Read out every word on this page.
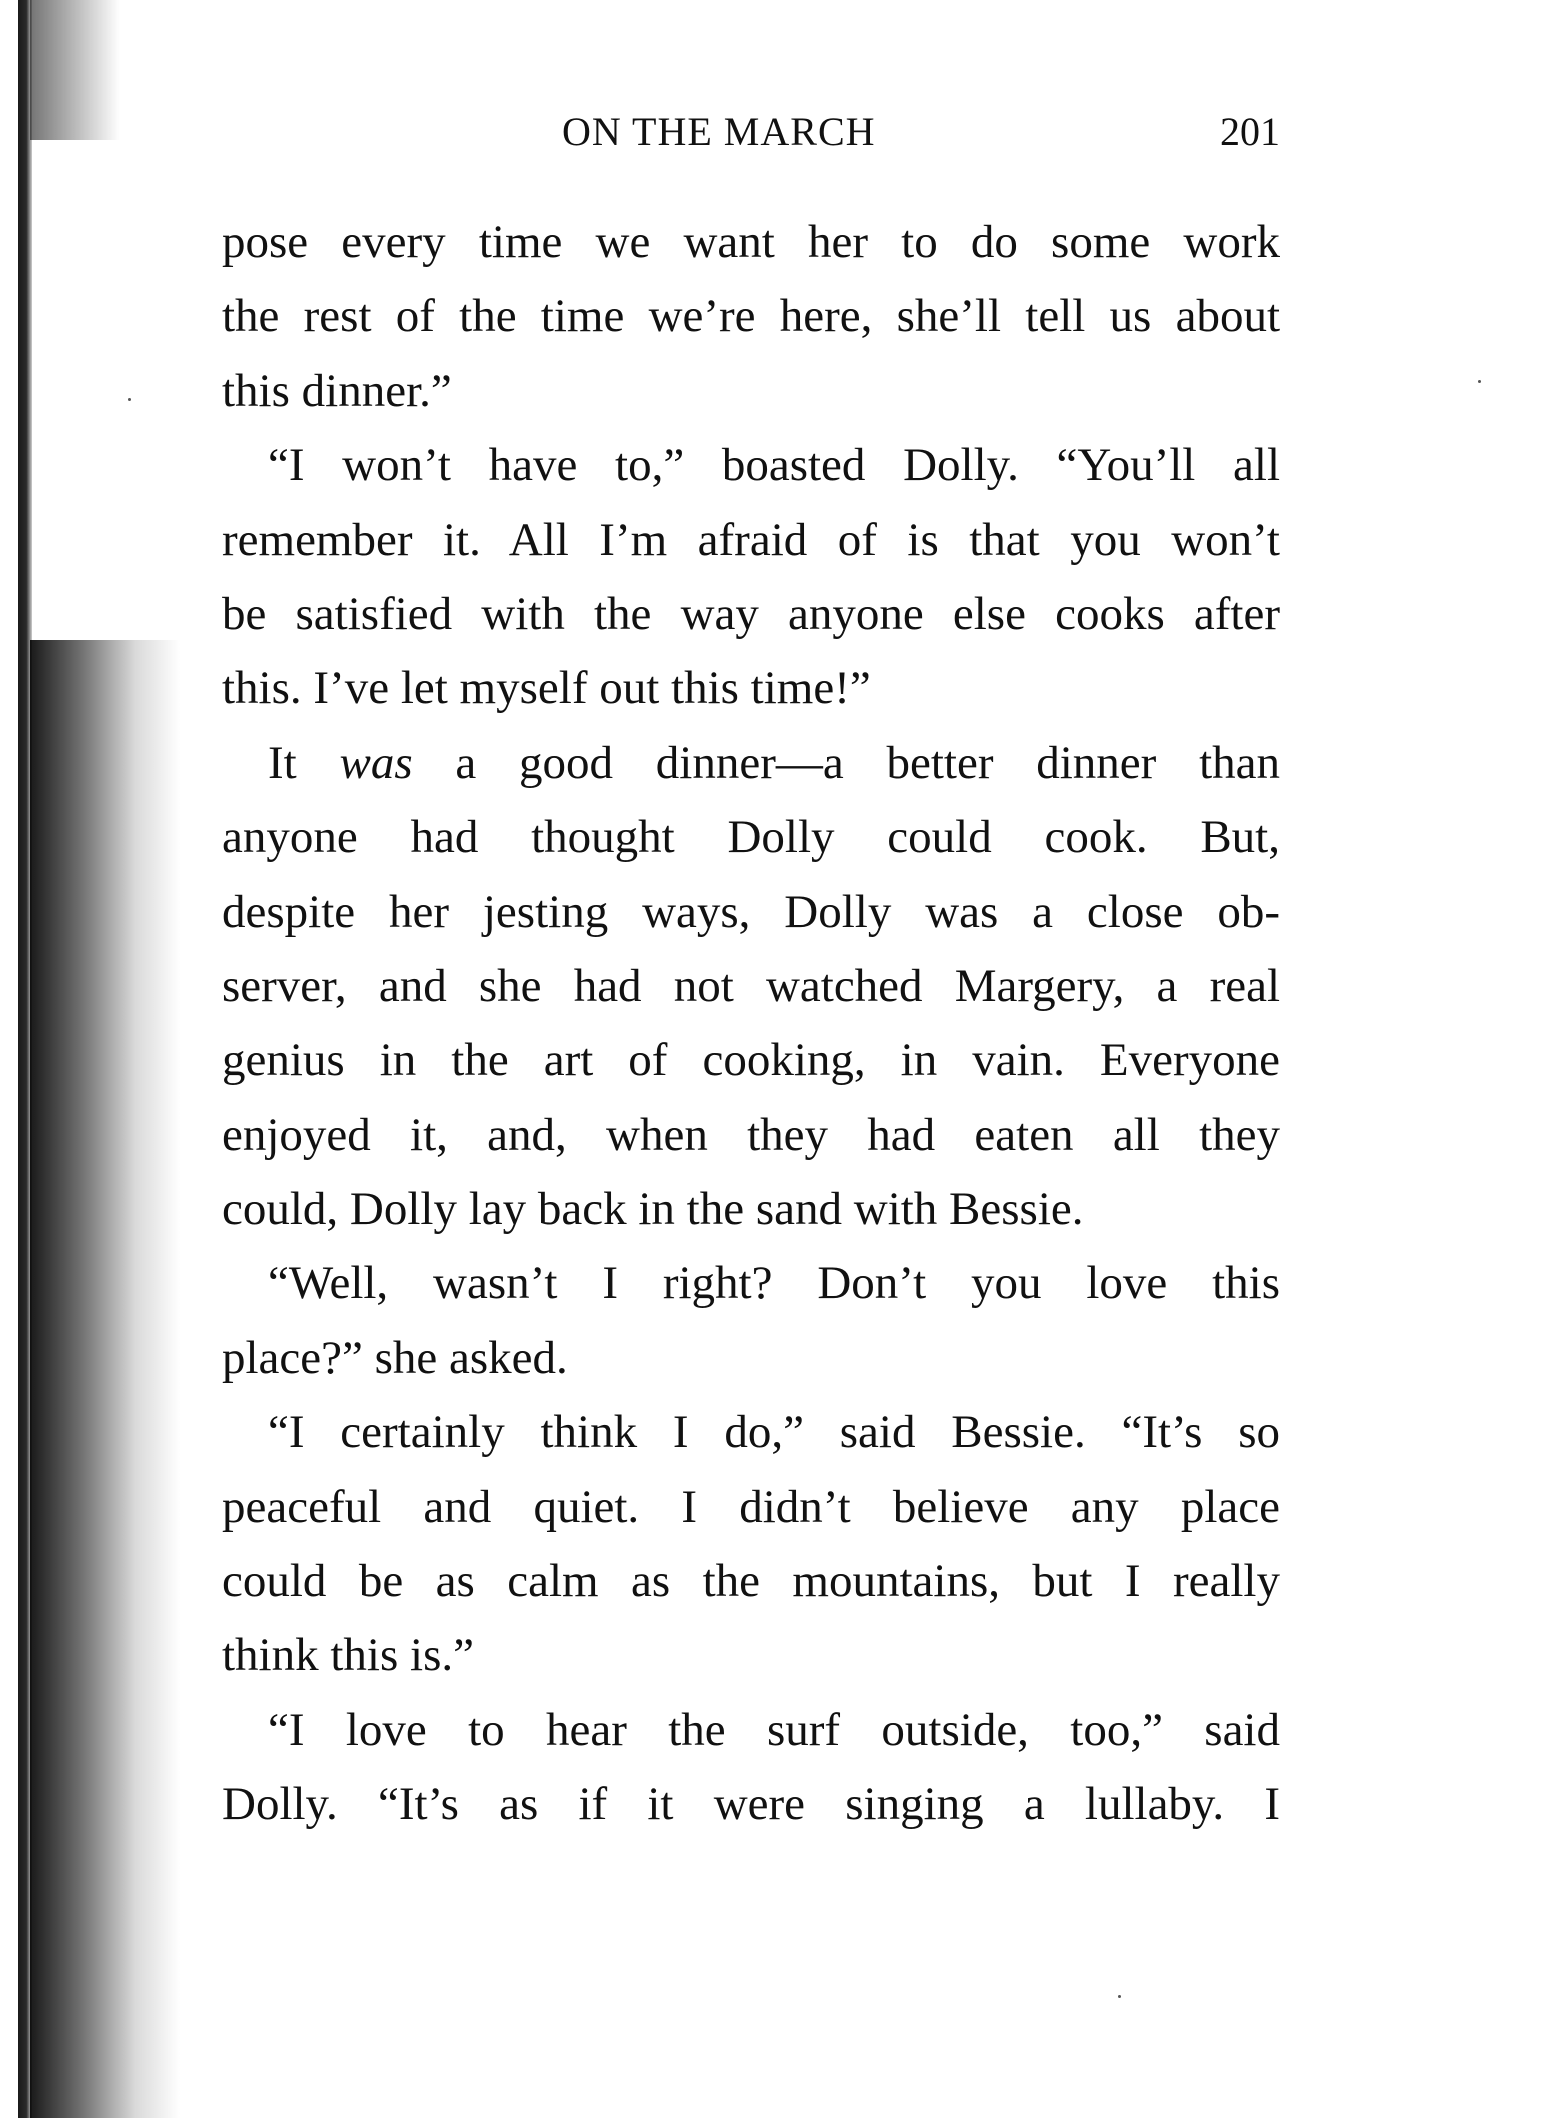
ON THE MARCH	201
pose every time we want her to do some work
the rest of the time we’re here, she’ll tell us about
this dinner.”
“I won’t have to,” boasted Dolly. “You’ll all
remember it. All I’m afraid of is that you won’t
be satisfied with the way anyone else cooks after
this. I’ve let myself out this time!”
It was a good dinner—a better dinner than
anyone had thought Dolly could cook. But,
despite her jesting ways, Dolly was a close ob-
server, and she had not watched Margery, a real
genius in the art of cooking, in vain. Everyone
enjoyed it, and, when they had eaten all they
could, Dolly lay back in the sand with Bessie.
“Well, wasn’t I right? Don’t you love this
place?” she asked.
“I certainly think I do,” said Bessie. “It’s so
peaceful and quiet. I didn’t believe any place
could be as calm as the mountains, but I really
think this is.”
“I love to hear the surf outside, too,” said
Dolly. “It’s as if it were singing a lullaby. I
